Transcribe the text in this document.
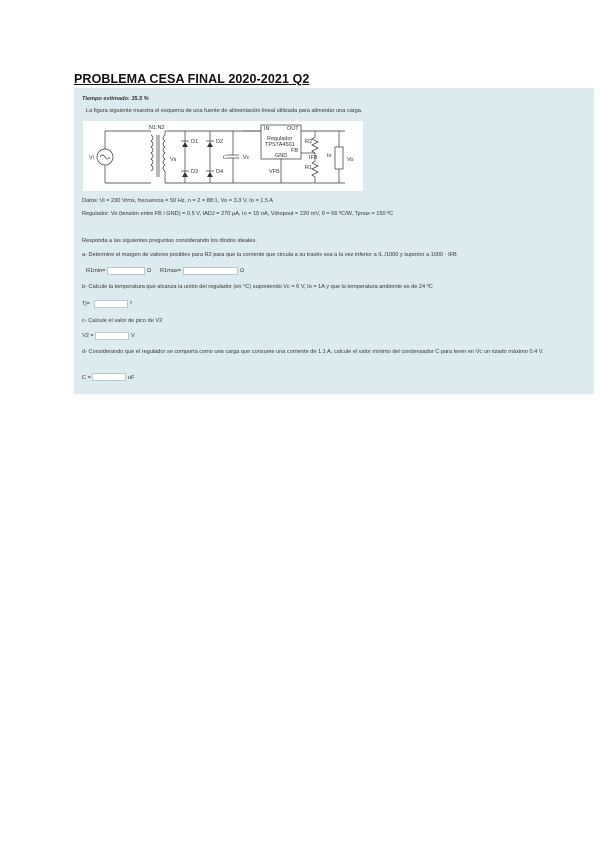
PROBLEMA CESA FINAL 2020-2021 Q2
Tiempo estimado: 35.5 %
La figura siguiente muestra el esquema de una fuente de alimentación lineal utilizada para alimentar una carga.
Vi
N1:N2
Vs
D1	D2
D3	D4
C	Vc
IN	OUT
Regulador
TPS7A4501
FB
GND
R2
R1
Io
Vo
IFB
VFB
Datos: Vi = 230 Vrms, frecuencia = 50 Hz, n = 2 = 88:1, Vo = 3.3 V, Io = 1.5 A
Regulador: Vo (tensión entre FB i GND) = 0.5 V, IADJ = 270 µA, Io = 15 nA, Vdropout = 220 mV, θ = 66 ºC/W, Tjmax = 150 ºC
Responda a las siguientes preguntas considerando los diodos ideales.
a- Determine el margen de valores posibles para R2 para que la corriente que circula a su través sea a la vez inferior a IL /1000 y superior a 1000 · IFB
R1min=	Ω R1max=	Ω
b- Calcule la temperatura que alcanza la unión del regulador (en °C) suponiendo Vc = 6 V, Io = 1A y que la temperatura ambiente es de 24 ºC
Tj=	º
c- Calcule el valor de pico de V2
V2 =	V
d- Considerando que el regulador se comporta como una carga que consume una corriente de 1.1 A, calcule el valor mínimo del condensador C para tener en Vc un rizado máximo 0.4 V.
C =	uF
